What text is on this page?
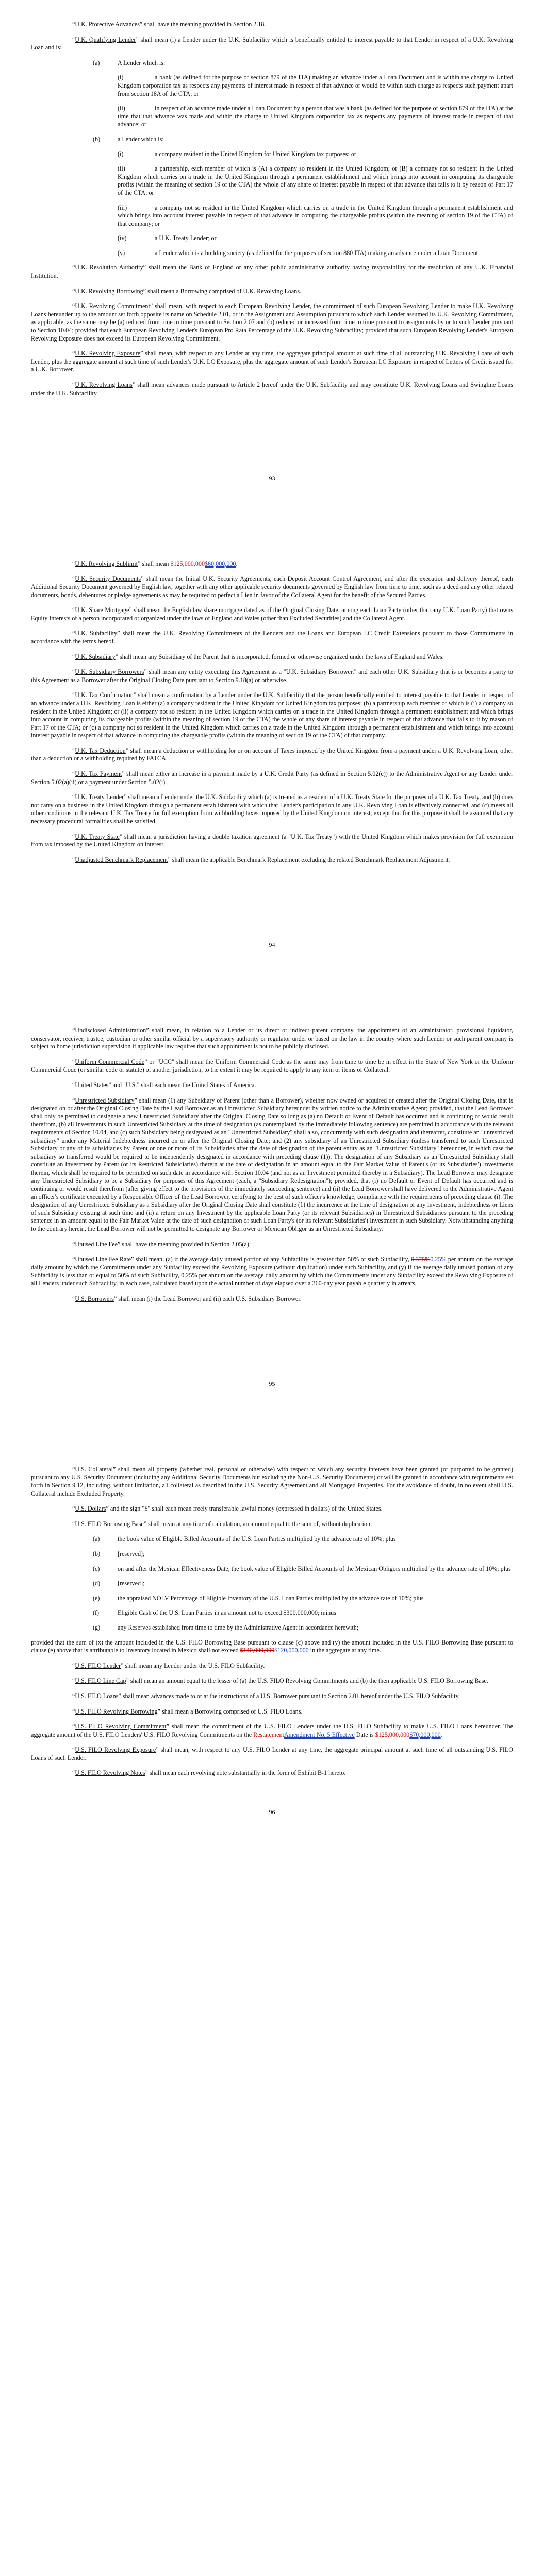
“U.K. Protective Advances” shall have the meaning provided in Section 2.18.

“U.K. Qualifying Lender” shall mean (i) a Lender under the U.K. Subfacility which is beneficially entitled to interest payable to that Lender in respect of a U.K. Revolving Loan and is:

(a)	A Lender which is:

(i)	a bank (as defined for the purpose of section 879 of the ITA) making an advance under a Loan Document and is within the charge to United Kingdom corporation tax as respects any payments of interest made in respect of that advance or would be within such charge as respects such payment apart from section 18A of the CTA; or

(ii)	in respect of an advance made under a Loan Document by a person that was a bank (as defined for the purpose of section 879 of the ITA) at the time that that advance was made and within the charge to United Kingdom corporation tax as respects any payments of interest made in respect of that advance; or

(b)	a Lender which is:

(i)	a company resident in the United Kingdom for United Kingdom tax purposes; or

(ii)	a partnership, each member of which is (A) a company so resident in the United Kingdom; or (B) a company not so resident in the United Kingdom which carries on a trade in the United Kingdom through a permanent establishment and which brings into account in computing its chargeable profits (within the meaning of section 19 of the CTA) the whole of any share of interest payable in respect of that advance that falls to it by reason of Part 17 of the CTA; or

(iii)	a company not so resident in the United Kingdom which carries on a trade in the United Kingdom through a permanent establishment and which brings into account interest payable in respect of that advance in computing the chargeable profits (within the meaning of section 19 of the CTA) of that company; or

(iv)	a U.K. Treaty Lender; or

(v)	a Lender which is a building society (as defined for the purposes of section 880 ITA) making an advance under a Loan Document.

“U.K. Resolution Authority” shall mean the Bank of England or any other public administrative authority having responsibility for the resolution of any U.K. Financial Institution.

“U.K. Revolving Borrowing” shall mean a Borrowing comprised of U.K. Revolving Loans.

“U.K. Revolving Commitment” shall mean, with respect to each European Revolving Lender, the commitment of such European Revolving Lender to make U.K. Revolving Loans hereunder up to the amount set forth opposite its name on Schedule 2.01, or in the Assignment and Assumption pursuant to which such Lender assumed its U.K. Revolving Commitment, as applicable, as the same may be (a) reduced from time to time pursuant to Section 2.07 and (b) reduced or increased from time to time pursuant to assignments by or to such Lender pursuant to Section 10.04; provided that each European Revolving Lender's European Pro Rata Percentage of the U.K. Revolving Subfacility; provided that such European Revolving Lender's European Revolving Exposure does not exceed its European Revolving Commitment.

“U.K. Revolving Exposure” shall mean, with respect to any Lender at any time, the aggregate principal amount at such time of all outstanding U.K. Revolving Loans of such Lender, plus the aggregate amount at such time of such Lender's U.K. LC Exposure, plus the aggregate amount of such Lender's European LC Exposure in respect of Letters of Credit issued for a U.K. Borrower.

“U.K. Revolving Loans” shall mean advances made pursuant to Article 2 hereof under the U.K. Subfacility and may constitute U.K. Revolving Loans and Swingline Loans under the U.K. Subfacility.

93

“U.K. Revolving Sublimit” shall mean $125,000,000$60,000,000.

“U.K. Security Documents” shall mean the Initial U.K. Security Agreements, each Deposit Account Control Agreement, and after the execution and delivery thereof, each Additional Security Document governed by English law, together with any other applicable security documents governed by English law from time to time, such as a deed and any other related documents, bonds, debentures or pledge agreements as may be required to perfect a Lien in favor of the Collateral Agent for the benefit of the Secured Parties.

“U.K. Share Mortgage” shall mean the English law share mortgage dated as of the Original Closing Date, among each Loan Party (other than any U.K. Loan Party) that owns Equity Interests of a person incorporated or organized under the laws of England and Wales (other than Excluded Securities) and the Collateral Agent.

“U.K. Subfacility” shall mean the U.K. Revolving Commitments of the Lenders and the Loans and European LC Credit Extensions pursuant to those Commitments in accordance with the terms hereof.

“U.K. Subsidiary” shall mean any Subsidiary of the Parent that is incorporated, formed or otherwise organized under the laws of England and Wales.

“U.K. Subsidiary Borrowers” shall mean any entity executing this Agreement as a "U.K. Subsidiary Borrower," and each other U.K. Subsidiary that is or becomes a party to this Agreement as a Borrower after the Original Closing Date pursuant to Section 9.18(a) or otherwise.

“U.K. Tax Confirmation” shall mean a confirmation by a Lender under the U.K. Subfacility that the person beneficially entitled to interest payable to that Lender in respect of an advance under a U.K. Revolving Loan is either (a) a company resident in the United Kingdom for United Kingdom tax purposes; (b) a partnership each member of which is (i) a company so resident in the United Kingdom; or (ii) a company not so resident in the United Kingdom which carries on a trade in the United Kingdom through a permanent establishment and which brings into account in computing its chargeable profits (within the meaning of section 19 of the CTA) the whole of any share of interest payable in respect of that advance that falls to it by reason of Part 17 of the CTA; or (c) a company not so resident in the United Kingdom which carries on a trade in the United Kingdom through a permanent establishment and which brings into account interest payable in respect of that advance in computing the chargeable profits (within the meaning of section 19 of the CTA) of that company.

“U.K. Tax Deduction” shall mean a deduction or withholding for or on account of Taxes imposed by the United Kingdom from a payment under a U.K. Revolving Loan, other than a deduction or a withholding required by FATCA.

“U.K. Tax Payment” shall mean either an increase in a payment made by a U.K. Credit Party (as defined in Section 5.02(c)) to the Administrative Agent or any Lender under Section 5.02(a)(ii) or a payment under Section 5.02(i).

“U.K. Treaty Lender” shall mean a Lender under the U.K. Subfacility which (a) is treated as a resident of a U.K. Treaty State for the purposes of a U.K. Tax Treaty, and (b) does not carry on a business in the United Kingdom through a permanent establishment with which that Lender's participation in any U.K. Revolving Loan is effectively connected, and (c) meets all other conditions in the relevant U.K. Tax Treaty for full exemption from withholding taxes imposed by the United Kingdom on interest, except that for this purpose it shall be assumed that any necessary procedural formalities shall be satisfied.

“U.K. Treaty State” shall mean a jurisdiction having a double taxation agreement (a "U.K. Tax Treaty") with the United Kingdom which makes provision for full exemption from tax imposed by the United Kingdom on interest.

“Unadjusted Benchmark Replacement” shall mean the applicable Benchmark Replacement excluding the related Benchmark Replacement Adjustment.

94

“Undisclosed Administration” shall mean, in relation to a Lender or its direct or indirect parent company, the appointment of an administrator, provisional liquidator, conservator, receiver, trustee, custodian or other similar official by a supervisory authority or regulator under or based on the law in the country where such Lender or such parent company is subject to home jurisdiction supervision if applicable law requires that such appointment is not to be publicly disclosed.

“Uniform Commercial Code” or "UCC" shall mean the Uniform Commercial Code as the same may from time to time be in effect in the State of New York or the Uniform Commercial Code (or similar code or statute) of another jurisdiction, to the extent it may be required to apply to any item or items of Collateral.

“United States” and "U.S." shall each mean the United States of America.

“Unrestricted Subsidiary” shall mean (1) any Subsidiary of Parent (other than a Borrower), whether now owned or acquired or created after the Original Closing Date, that is designated on or after the Original Closing Date by the Lead Borrower as an Unrestricted Subsidiary hereunder by written notice to the Administrative Agent; provided, that the Lead Borrower shall only be permitted to designate a new Unrestricted Subsidiary after the Original Closing Date so long as (a) no Default or Event of Default has occurred and is continuing or would result therefrom, (b) all Investments in such Unrestricted Subsidiary at the time of designation (as contemplated by the immediately following sentence) are permitted in accordance with the relevant requirements of Section 10.04, and (c) such Subsidiary being designated as an "Unrestricted Subsidiary" shall also, concurrently with such designation and thereafter, constitute an "unrestricted subsidiary" under any Material Indebtedness incurred on or after the Original Closing Date; and (2) any subsidiary of an Unrestricted Subsidiary (unless transferred to such Unrestricted Subsidiary or any of its subsidiaries by Parent or one or more of its Subsidiaries after the date of designation of the parent entity as an "Unrestricted Subsidiary" hereunder, in which case the subsidiary so transferred would be required to be independently designated in accordance with preceding clause (1)). The designation of any Subsidiary as an Unrestricted Subsidiary shall constitute an Investment by Parent (or its Restricted Subsidiaries) therein at the date of designation in an amount equal to the Fair Market Value of Parent's (or its Subsidiaries') Investments therein, which shall be required to be permitted on such date in accordance with Section 10.04 (and not as an Investment permitted thereby in a Subsidiary). The Lead Borrower may designate any Unrestricted Subsidiary to be a Subsidiary for purposes of this Agreement (each, a "Subsidiary Redesignation"); provided, that (i) no Default or Event of Default has occurred and is continuing or would result therefrom (after giving effect to the provisions of the immediately succeeding sentence) and (ii) the Lead Borrower shall have delivered to the Administrative Agent an officer's certificate executed by a Responsible Officer of the Lead Borrower, certifying to the best of such officer's knowledge, compliance with the requirements of preceding clause (i). The designation of any Unrestricted Subsidiary as a Subsidiary after the Original Closing Date shall constitute (1) the incurrence at the time of designation of any Investment, Indebtedness or Liens of such Subsidiary existing at such time and (ii) a return on any Investment by the applicable Loan Party (or its relevant Subsidiaries) in Unrestricted Subsidiaries pursuant to the preceding sentence in an amount equal to the Fair Market Value at the date of such designation of such Loan Party's (or its relevant Subsidiaries') Investment in such Subsidiary. Notwithstanding anything to the contrary herein, the Lead Borrower will not be permitted to designate any Borrower or Mexican Obligor as an Unrestricted Subsidiary.

“Unused Line Fee” shall have the meaning provided in Section 2.05(a).

“Unused Line Fee Rate” shall mean, (a) if the average daily unused portion of any Subfacility is greater than 50% of such Subfacility, 0.375%0.25% per annum on the average daily amount by which the Commitments under any Subfacility exceed the Revolving Exposure (without duplication) under such Subfacility, and (y) if the average daily unused portion of any Subfacility is less than or equal to 50% of such Subfacility, 0.25% per annum on the average daily amount by which the Commitments under any Subfacility exceed the Revolving Exposure of all Lenders under such Subfacility, in each case, calculated based upon the actual number of days elapsed over a 360-day year payable quarterly in arrears.

“U.S. Borrowers” shall mean (i) the Lead Borrower and (ii) each U.S. Subsidiary Borrower.

95

“U.S. Collateral” shall mean all property (whether real, personal or otherwise) with respect to which any security interests have been granted (or purported to be granted) pursuant to any U.S. Security Document (including any Additional Security Documents but excluding the Non-U.S. Security Documents) or will be granted in accordance with requirements set forth in Section 9.12, including, without limitation, all collateral as described in the U.S. Security Agreement and all Mortgaged Properties. For the avoidance of doubt, in no event shall U.S. Collateral include Excluded Property.

“U.S. Dollars” and the sign "$" shall each mean freely transferable lawful money (expressed in dollars) of the United States.

“U.S. FILO Borrowing Base” shall mean at any time of calculation, an amount equal to the sum of, without duplication:

(a)	the book value of Eligible Billed Accounts of the U.S. Loan Parties multiplied by the advance rate of 10%; plus

(b)	[reserved];

(c)	on and after the Mexican Effectiveness Date, the book value of Eligible Billed Accounts of the Mexican Obligors multiplied by the advance rate of 10%; plus

(d)	[reserved];

(e)	the appraised NOLV Percentage of Eligible Inventory of the U.S. Loan Parties multiplied by the advance rate of 10%; plus

(f)	Eligible Cash of the U.S. Loan Parties in an amount not to exceed $300,000,000; minus

(g)	any Reserves established from time to time by the Administrative Agent in accordance herewith;

provided that the sum of (x) the amount included in the U.S. FILO Borrowing Base pursuant to clause (c) above and (y) the amount included in the U.S. FILO Borrowing Base pursuant to clause (e) above that is attributable to Inventory located in Mexico shall not exceed $140,000,000$120,000,000 in the aggregate at any time.

“U.S. FILO Lender” shall mean any Lender under the U.S. FILO Subfacility.

“U.S. FILO Line Cap” shall mean an amount equal to the lesser of (a) the U.S. FILO Revolving Commitments and (b) the then applicable U.S. FILO Borrowing Base.

“U.S. FILO Loans” shall mean advances made to or at the instructions of a U.S. Borrower pursuant to Section 2.01 hereof under the U.S. FILO Subfacility.

“U.S. FILO Revolving Borrowing” shall mean a Borrowing comprised of U.S. FILO Loans.

“U.S. FILO Revolving Commitment” shall mean the commitment of the U.S. FILO Lenders under the U.S. FILO Subfacility to make U.S. FILO Loans hereunder. The aggregate amount of the U.S. FILO Lenders' U.S. FILO Revolving Commitments on the RestatementAmendment No. 5 Effective Date is $125,000,000$70,000,000.

“U.S. FILO Revolving Exposure” shall mean, with respect to any U.S. FILO Lender at any time, the aggregate principal amount at such time of all outstanding U.S. FILO Loans of such Lender.

“U.S. FILO Revolving Notes” shall mean each revolving note substantially in the form of Exhibit B-1 hereto.

96
